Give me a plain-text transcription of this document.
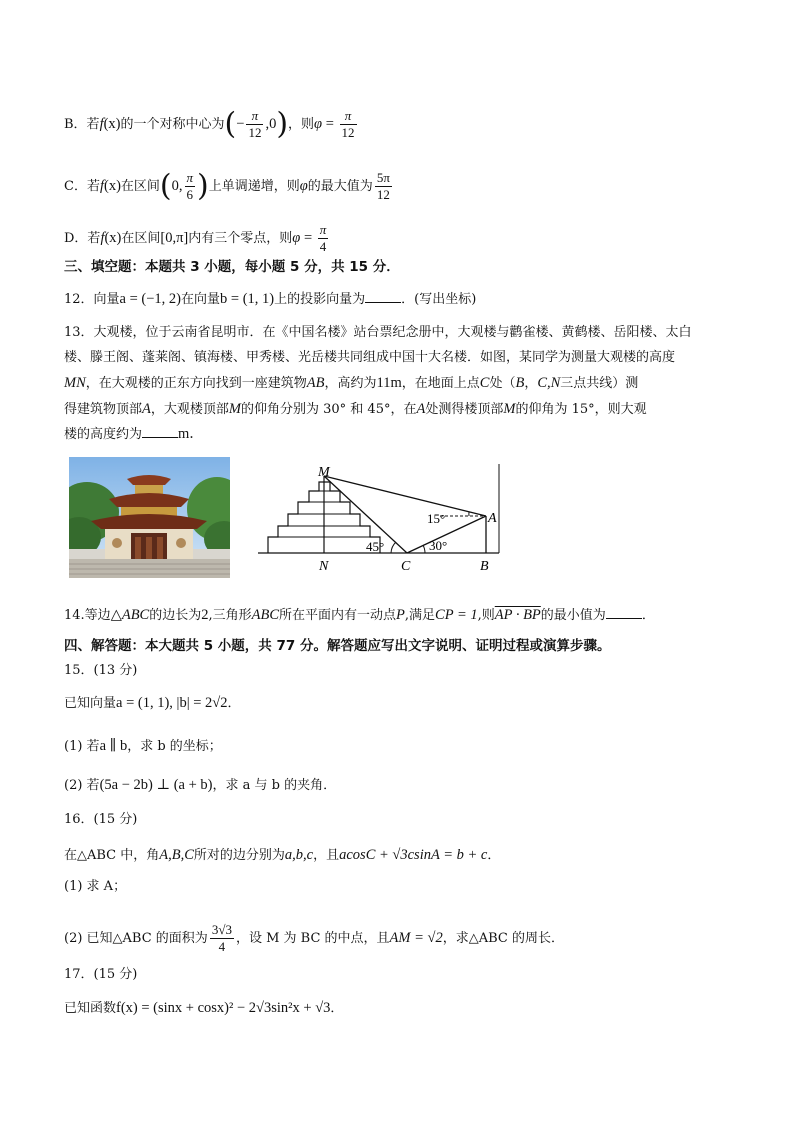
B．若f(x)的一个对称中心为(− $\frac{\pi}{12} ,0$)，则$\varphi = \frac{\pi}{12}$
C．若f(x)在区间(0, $\frac{\pi}{6}$ )上单调递增，则φ的最大值为 $\frac{5\pi}{12}$
D．若f(x)在区间[0,π]内有三个零点，则$\varphi = \frac{\pi}{4}$
三、填空题：本题共 3 小题，每小题 5 分，共 15 分．
12．向量a = (−1, 2)在向量b = (1, 1)上的投影向量为	．(写出坐标)
13．大观楼，位于云南省昆明市．在《中国名楼》站台票纪念册中，大观楼与鹳雀楼、黄鹤楼、岳阳楼、太白
楼、滕王阁、蓬莱阁、镇海楼、甲秀楼、光岳楼共同组成中国十大名楼．如图，某同学为测量大观楼的高度
MN，在大观楼的正东方向找到一座建筑物AB，高约为11m，在地面上点C处（B，C,N三点共线）测
得建筑物顶部A，大观楼顶部M的仰角分别为 30° 和 45°，在A处测得楼顶部M的仰角为 15°，则大观
楼的高度约为 m．
M
A
N	C	B
15°
45°	30°
14.等边△ABC的边长为2,三角形ABC所在平面内有一动点P,满足CP = 1,则AP · BP的最小值为	．
四、解答题：本大题共 5 小题，共 77 分。解答题应写出文字说明、证明过程或演算步骤。
15．(13 分)
已知向量a = (1, 1), |b| = 2√2．
(1) 若a ∥ b，求 b 的坐标；
(2) 若(5a − 2b) ⊥ (a + b)，求 a 与 b 的夹角．
16．(15 分)
在△ABC 中，角A,B,C所对的边分别为a,b,c，且acosC + √3csinA = b + c．
(1) 求 A；
(2) 已知△ABC 的面积为 $\frac{3√3}{4}$ ，设 M 为 BC 的中点，且AM = √2，求△ABC 的周长．
17．(15 分)
已知函数f(x) = (sinx + cosx)² − 2√3sin²x + √3．
